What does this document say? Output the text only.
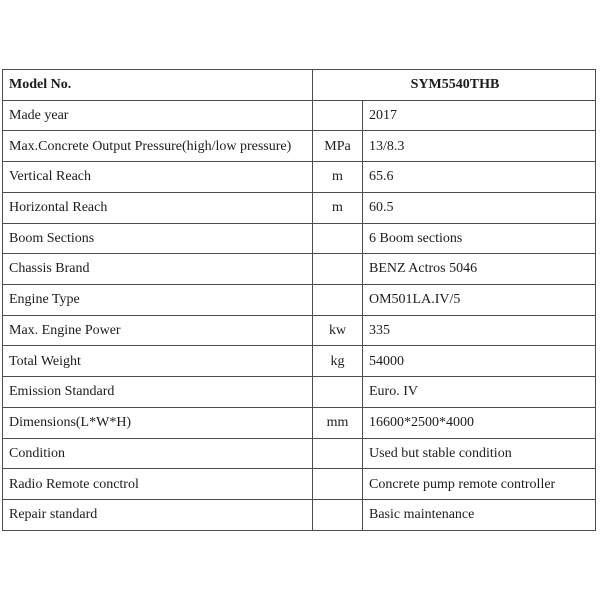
Model No.	SYM5540THB	
Made year		2017
Max.Concrete Output Pressure(high/low pressure)	MPa	13/8.3
Vertical Reach	m	65.6
Horizontal Reach	m	60.5
Boom Sections		6 Boom sections
Chassis Brand		BENZ Actros 5046
Engine Type		OM501LA.IV/5
Max. Engine Power	kw	335
Total Weight	kg	54000
Emission Standard		Euro. IV
Dimensions(L*W*H)	mm	16600*2500*4000
Condition		Used but stable condition
Radio Remote conctrol		Concrete pump remote controller
Repair standard		Basic maintenance
